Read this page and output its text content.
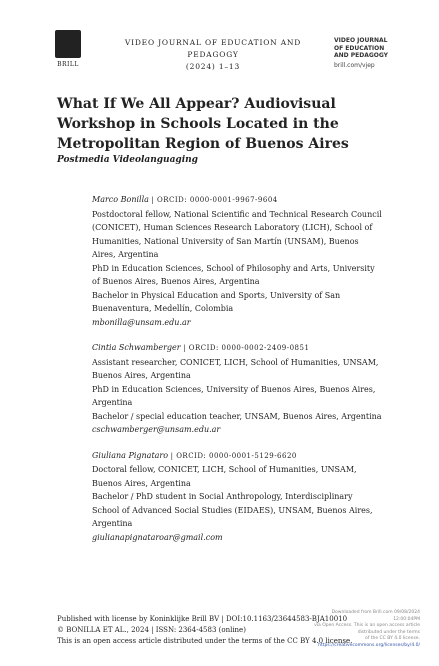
BRILL
VIDEO JOURNAL OF EDUCATION AND PEDAGOGY
(2024) 1–13
VIDEO JOURNAL
OF EDUCATION
AND PEDAGOGY
brill.com/vjep
What If We All Appear? Audiovisual Workshop in Schools Located in the Metropolitan Region of Buenos Aires
Postmedia Videolanguaging
Marco Bonilla | ORCID: 0000-0001-9967-9604
Postdoctoral fellow, National Scientific and Technical Research Council (CONICET), Human Sciences Research Laboratory (LICH), School of Humanities, National University of San Martín (UNSAM), Buenos Aires, Argentina
PhD in Education Sciences, School of Philosophy and Arts, University of Buenos Aires, Buenos Aires, Argentina
Bachelor in Physical Education and Sports, University of San Buenaventura, Medellín, Colombia
mbonilla@unsam.edu.ar
Cintia Schwamberger | ORCID: 0000-0002-2409-0851
Assistant researcher, CONICET, LICH, School of Humanities, UNSAM, Buenos Aires, Argentina
PhD in Education Sciences, University of Buenos Aires, Buenos Aires, Argentina
Bachelor / special education teacher, UNSAM, Buenos Aires, Argentina
cschwamberger@unsam.edu.ar
Giuliana Pignataro | ORCID: 0000-0001-5129-6620
Doctoral fellow, CONICET, LICH, School of Humanities, UNSAM, Buenos Aires, Argentina
Bachelor / PhD student in Social Anthropology, Interdisciplinary School of Advanced Social Studies (EIDAES), UNSAM, Buenos Aires, Argentina
giulianapignataroar@gmail.com
Published with license by Koninklijke Brill BV | DOI:10.1163/23644583-BJA10010
© BONILLA ET AL., 2024 | ISSN: 2364-4583 (online)
This is an open access article distributed under the terms of the CC BY 4.0 license.
Downloaded from Brill.com 09/08/2024 12:00:04PM
via Open Access. This is an open access article distributed under the terms
of the CC BY 4.0 license.
https://creativecommons.org/licenses/by/4.0/
